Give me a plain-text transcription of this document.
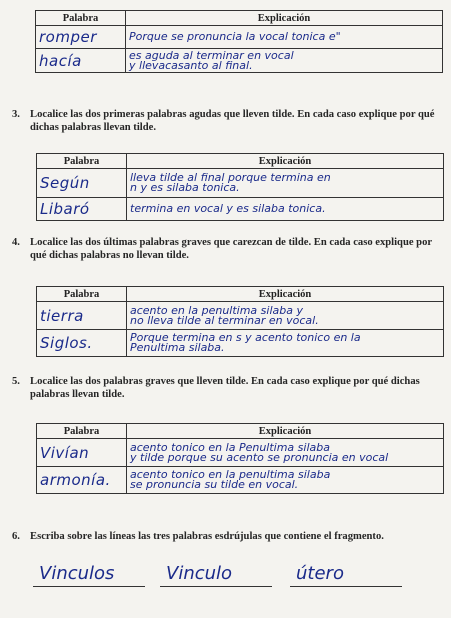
Palabra	Explicación
romper	Porque se pronuncia la vocal tonica e"

hacía	es aguda al terminar en vocal
y llevacasanto al final.
3. Localice las dos primeras palabras agudas que lleven tilde. En cada caso explique por qué dichas palabras llevan tilde.
Palabra	Explicación
Según	lleva tilde al final porque termina en
n y es silaba tonica.

Libaró	termina en vocal y es silaba tonica.
4. Localice las dos últimas palabras graves que carezcan de tilde. En cada caso explique por qué dichas palabras no llevan tilde.
Palabra	Explicación
tierra	acento en la penultima silaba y
no lleva tilde al terminar en vocal.

Siglos.	Porque termina en s y acento tonico en la
Penultima silaba.
5. Localice las dos palabras graves que lleven tilde. En cada caso explique por qué dichas palabras llevan tilde.
Palabra	Explicación
Vivían	acento tonico en la Penultima silaba
y tilde porque su acento se pronuncia en vocal

armonía.	acento tonico en la penultima silaba
se pronuncia su tilde en vocal.
6. Escriba sobre las líneas las tres palabras esdrújulas que contiene el fragmento.
Vinculos	Vinculo	útero
